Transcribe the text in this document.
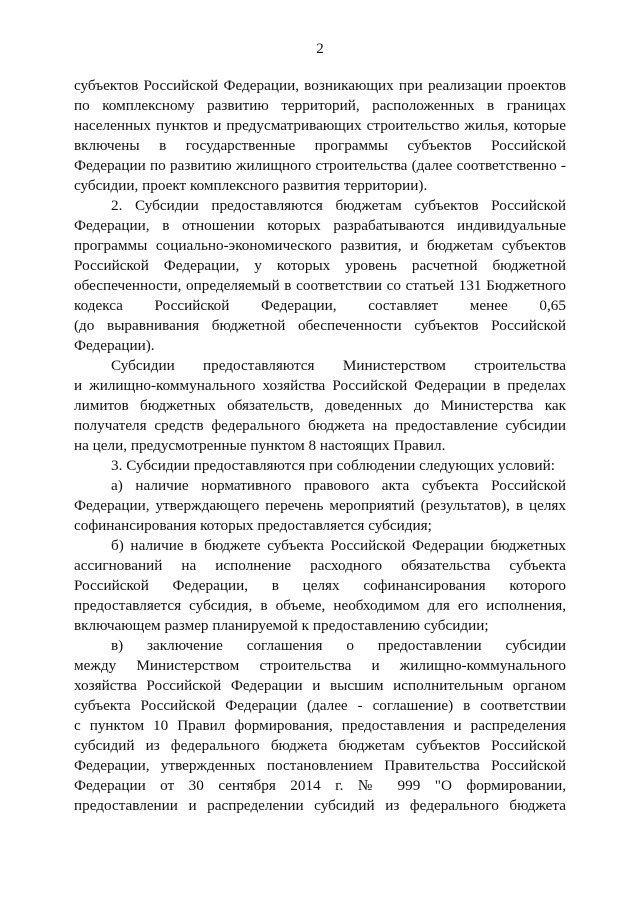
2
субъектов Российской Федерации, возникающих при реализации проектов
по комплексному развитию территорий, расположенных в границах
населенных пунктов и предусматривающих строительство жилья, которые
включены в государственные программы субъектов Российской
Федерации по развитию жилищного строительства (далее соответственно -
субсидии, проект комплексного развития территории).
2. Субсидии предоставляются бюджетам субъектов Российской
Федерации, в отношении которых разрабатываются индивидуальные
программы социально-экономического развития, и бюджетам субъектов
Российской Федерации, у которых уровень расчетной бюджетной
обеспеченности, определяемый в соответствии со статьей 131 Бюджетного
кодекса Российской Федерации, составляет менее 0,65
(до выравнивания бюджетной обеспеченности субъектов Российской
Федерации).
Субсидии предоставляются Министерством строительства
и жилищно-коммунального хозяйства Российской Федерации в пределах
лимитов бюджетных обязательств, доведенных до Министерства как
получателя средств федерального бюджета на предоставление субсидии
на цели, предусмотренные пунктом 8 настоящих Правил.
3. Субсидии предоставляются при соблюдении следующих условий:
а) наличие нормативного правового акта субъекта Российской
Федерации, утверждающего перечень мероприятий (результатов), в целях
софинансирования которых предоставляется субсидия;
б) наличие в бюджете субъекта Российской Федерации бюджетных
ассигнований на исполнение расходного обязательства субъекта
Российской Федерации, в целях софинансирования которого
предоставляется субсидия, в объеме, необходимом для его исполнения,
включающем размер планируемой к предоставлению субсидии;
в) заключение соглашения о предоставлении субсидии
между Министерством строительства и жилищно-коммунального
хозяйства Российской Федерации и высшим исполнительным органом
субъекта Российской Федерации (далее - соглашение) в соответствии
с пунктом 10 Правил формирования, предоставления и распределения
субсидий из федерального бюджета бюджетам субъектов Российской
Федерации, утвержденных постановлением Правительства Российской
Федерации от 30 сентября 2014 г. № 999 "О формировании,
предоставлении и распределении субсидий из федерального бюджета
